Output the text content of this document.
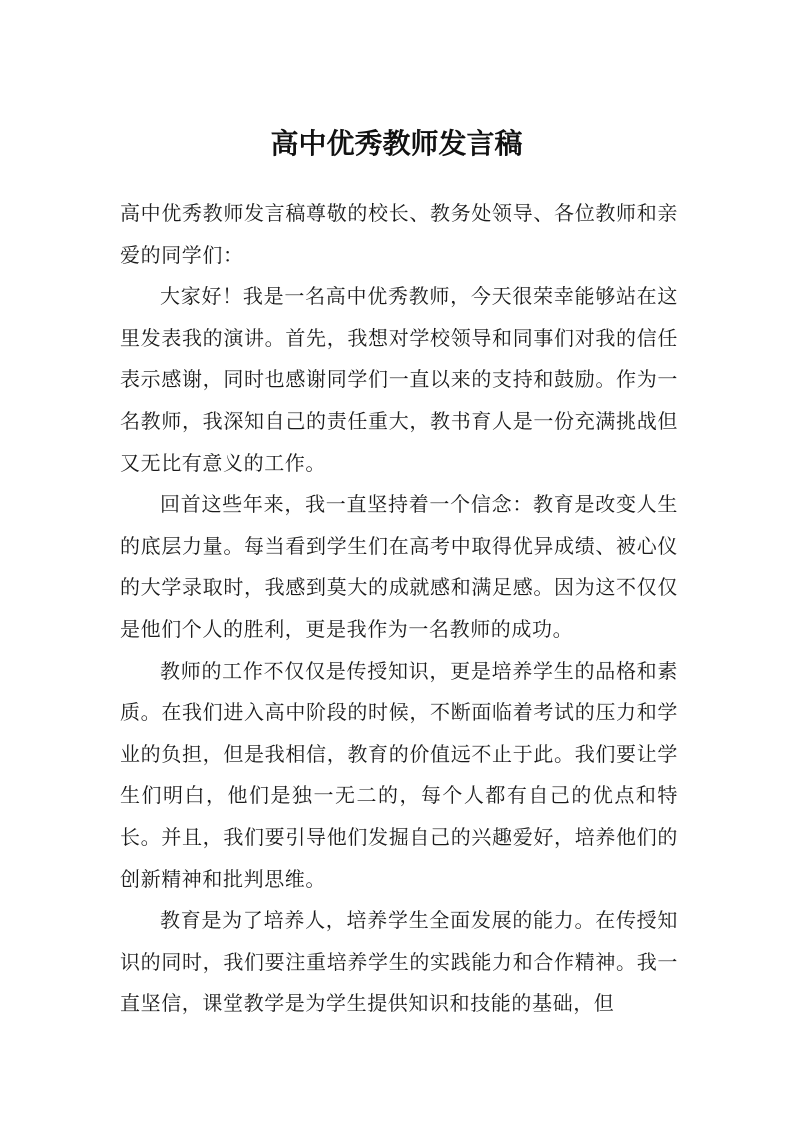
高中优秀教师发言稿

高中优秀教师发言稿尊敬的校长、教务处领导、各位教师和亲爱的同学们：

大家好！我是一名高中优秀教师，今天很荣幸能够站在这里发表我的演讲。首先，我想对学校领导和同事们对我的信任表示感谢，同时也感谢同学们一直以来的支持和鼓励。作为一名教师，我深知自己的责任重大，教书育人是一份充满挑战但又无比有意义的工作。

回首这些年来，我一直坚持着一个信念：教育是改变人生的底层力量。每当看到学生们在高考中取得优异成绩、被心仪的大学录取时，我感到莫大的成就感和满足感。因为这不仅仅是他们个人的胜利，更是我作为一名教师的成功。

教师的工作不仅仅是传授知识，更是培养学生的品格和素质。在我们进入高中阶段的时候，不断面临着考试的压力和学业的负担，但是我相信，教育的价值远不止于此。我们要让学生们明白，他们是独一无二的，每个人都有自己的优点和特长。并且，我们要引导他们发掘自己的兴趣爱好，培养他们的创新精神和批判思维。

教育是为了培养人，培养学生全面发展的能力。在传授知识的同时，我们要注重培养学生的实践能力和合作精神。我一直坚信，课堂教学是为学生提供知识和技能的基础，但
